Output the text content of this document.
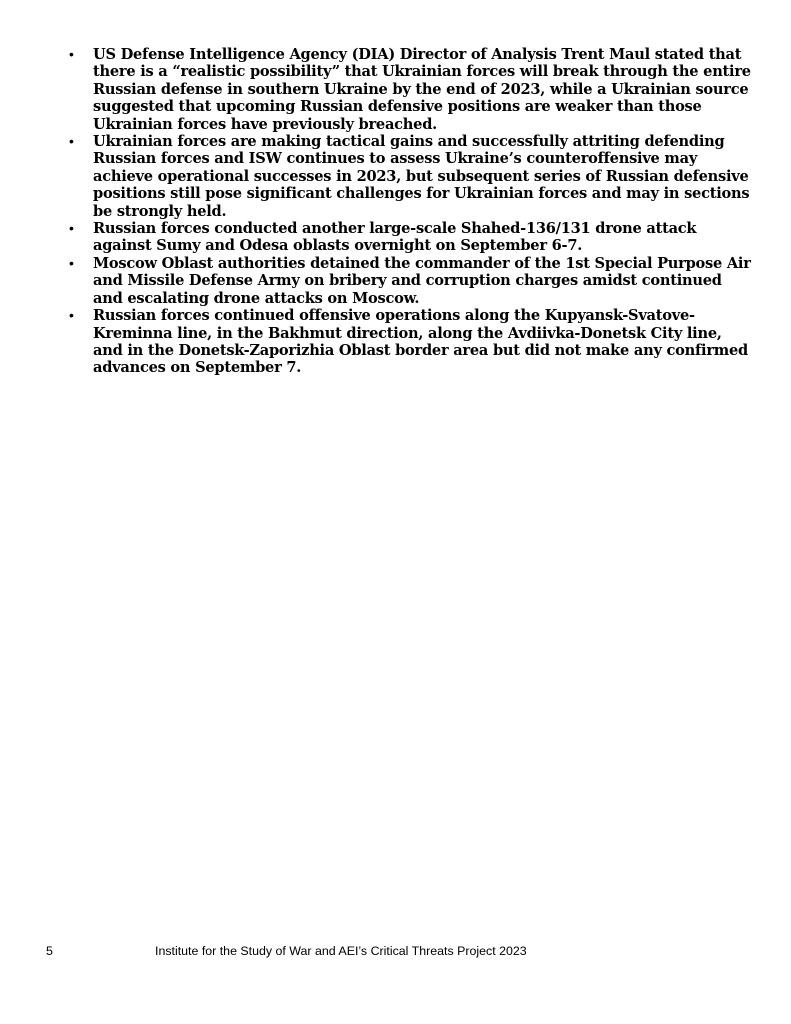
• US Defense Intelligence Agency (DIA) Director of Analysis Trent Maul stated that there is a “realistic possibility” that Ukrainian forces will break through the entire Russian defense in southern Ukraine by the end of 2023, while a Ukrainian source suggested that upcoming Russian defensive positions are weaker than those Ukrainian forces have previously breached.
• Ukrainian forces are making tactical gains and successfully attriting defending Russian forces and ISW continues to assess Ukraine’s counteroffensive may achieve operational successes in 2023, but subsequent series of Russian defensive positions still pose significant challenges for Ukrainian forces and may in sections be strongly held.
• Russian forces conducted another large-scale Shahed-136/131 drone attack against Sumy and Odesa oblasts overnight on September 6-7.
• Moscow Oblast authorities detained the commander of the 1st Special Purpose Air and Missile Defense Army on bribery and corruption charges amidst continued and escalating drone attacks on Moscow.
• Russian forces continued offensive operations along the Kupyansk-Svatove-Kreminna line, in the Bakhmut direction, along the Avdiivka-Donetsk City line, and in the Donetsk-Zaporizhia Oblast border area but did not make any confirmed advances on September 7.
5	Institute for the Study of War and AEI’s Critical Threats Project 2023
